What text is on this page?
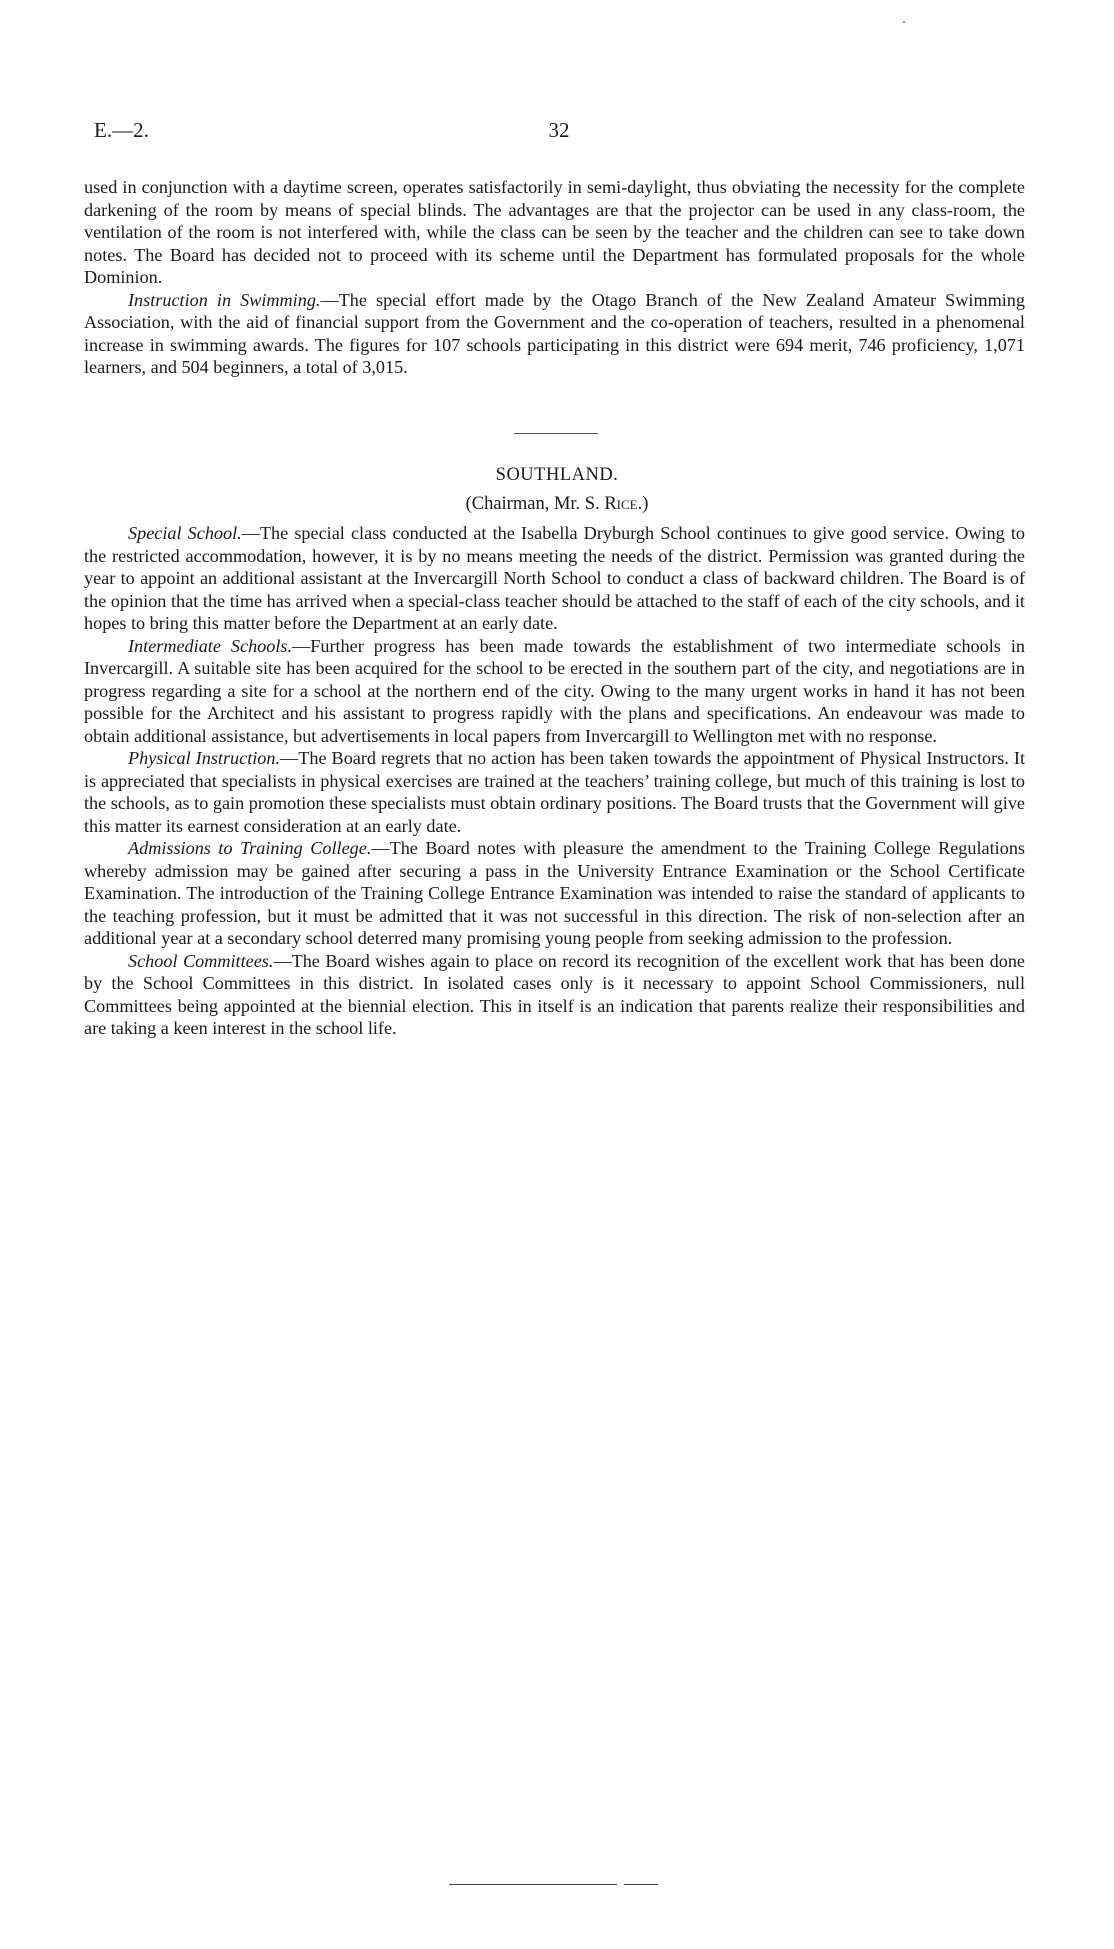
E.—2.	32

used in conjunction with a daytime screen, operates satisfactorily in semi-daylight, thus obviating the necessity for the complete darkening of the room by means of special blinds. The advantages are that the projector can be used in any class-room, the ventilation of the room is not interfered with, while the class can be seen by the teacher and the children can see to take down notes. The Board has decided not to proceed with its scheme until the Department has formulated proposals for the whole Dominion.

Instruction in Swimming.—The special effort made by the Otago Branch of the New Zealand Amateur Swimming Association, with the aid of financial support from the Government and the co-operation of teachers, resulted in a phenomenal increase in swimming awards. The figures for 107 schools participating in this district were 694 merit, 746 proficiency, 1,071 learners, and 504 beginners, a total of 3,015.

SOUTHLAND.
(Chairman, Mr. S. Rice.)

Special School.—The special class conducted at the Isabella Dryburgh School continues to give good service. Owing to the restricted accommodation, however, it is by no means meeting the needs of the district. Permission was granted during the year to appoint an additional assistant at the Invercargill North School to conduct a class of backward children. The Board is of the opinion that the time has arrived when a special-class teacher should be attached to the staff of each of the city schools, and it hopes to bring this matter before the Department at an early date.

Intermediate Schools.—Further progress has been made towards the establishment of two intermediate schools in Invercargill. A suitable site has been acquired for the school to be erected in the southern part of the city, and negotiations are in progress regarding a site for a school at the northern end of the city. Owing to the many urgent works in hand it has not been possible for the Architect and his assistant to progress rapidly with the plans and specifications. An endeavour was made to obtain additional assistance, but advertisements in local papers from Invercargill to Wellington met with no response.

Physical Instruction.—The Board regrets that no action has been taken towards the appointment of Physical Instructors. It is appreciated that specialists in physical exercises are trained at the teachers’ training college, but much of this training is lost to the schools, as to gain promotion these specialists must obtain ordinary positions. The Board trusts that the Government will give this matter its earnest consideration at an early date.

Admissions to Training College.—The Board notes with pleasure the amendment to the Training College Regulations whereby admission may be gained after securing a pass in the University Entrance Examination or the School Certificate Examination. The introduction of the Training College Entrance Examination was intended to raise the standard of applicants to the teaching profession, but it must be admitted that it was not successful in this direction. The risk of non-selection after an additional year at a secondary school deterred many promising young people from seeking admission to the profession.

School Committees.—The Board wishes again to place on record its recognition of the excellent work that has been done by the School Committees in this district. In isolated cases only is it necessary to appoint School Commissioners, null Committees being appointed at the biennial election. This in itself is an indication that parents realize their responsibilities and are taking a keen interest in the school life.
